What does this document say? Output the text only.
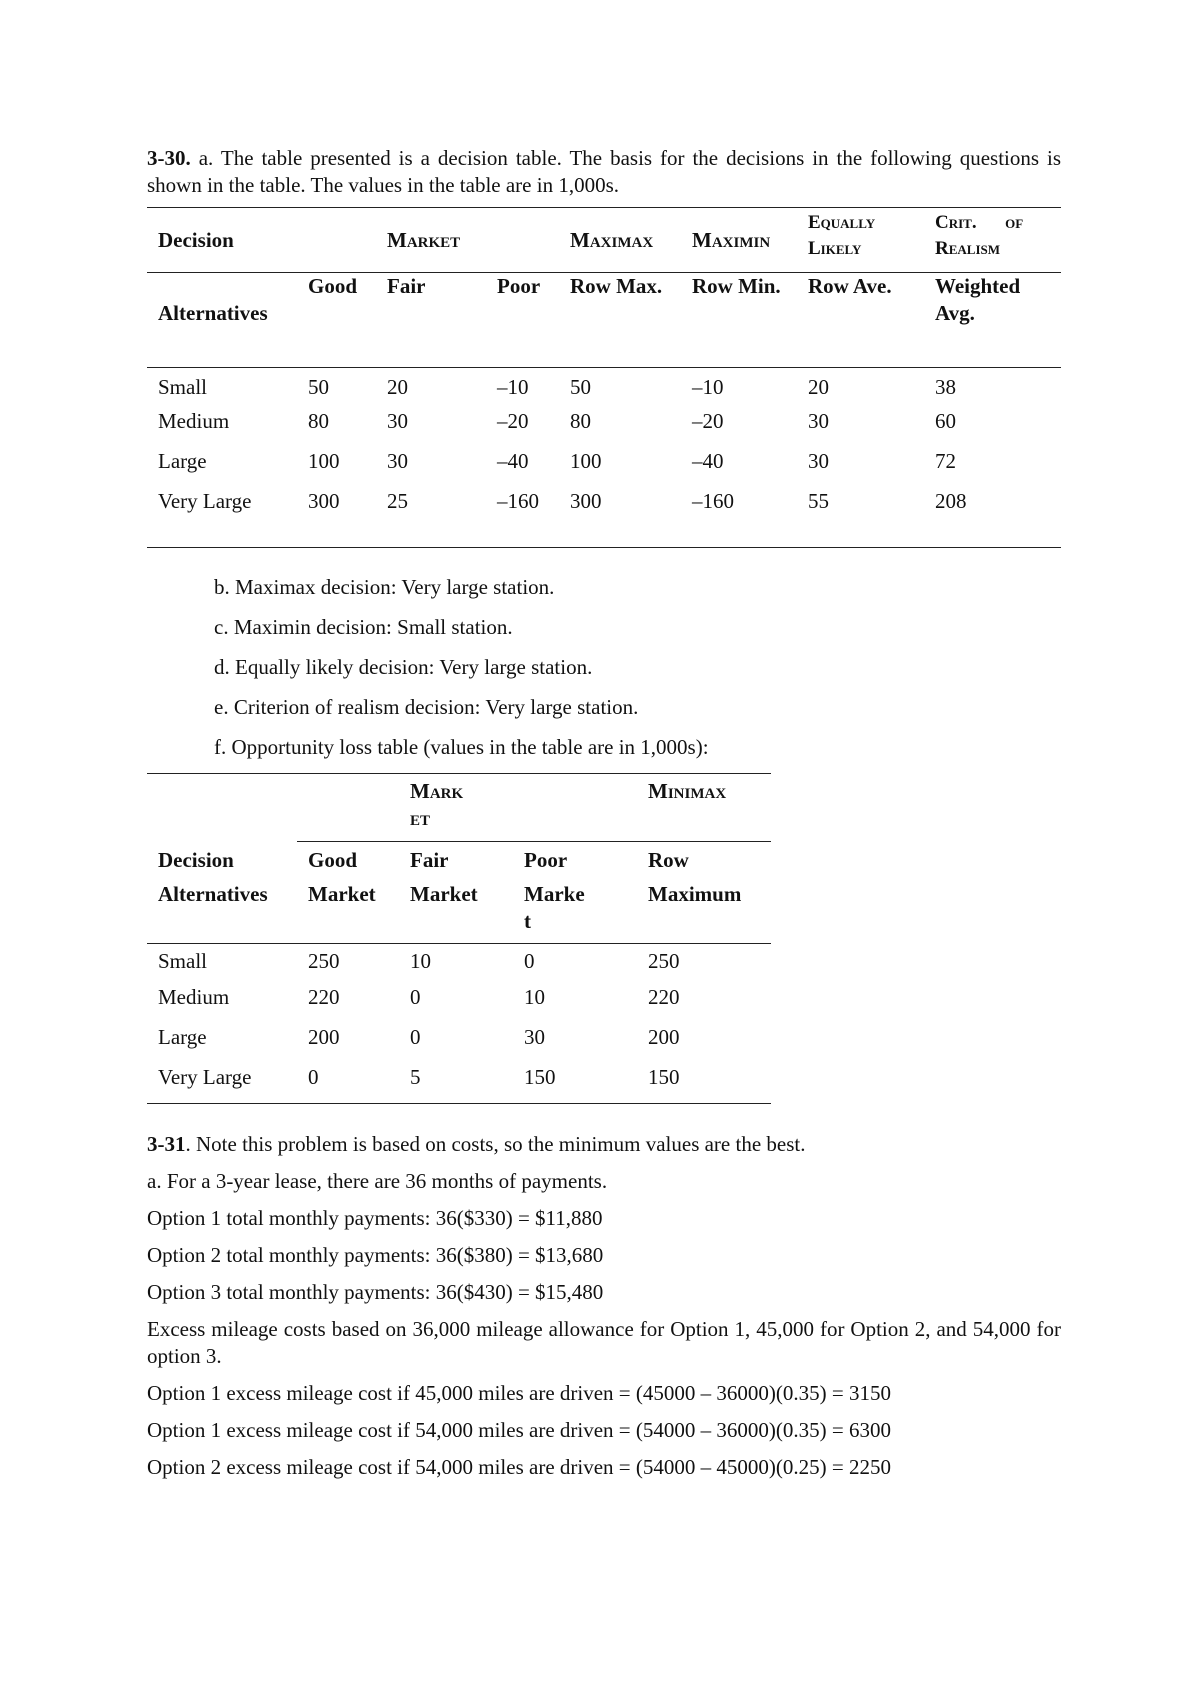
3-30. a. The table presented is a decision table. The basis for the decisions in the following questions is shown in the table. The values in the table are in 1,000s.

Decision		Market		Maximax	Maximin	Equally Likely	Crit.      of Realism
Alternatives	Good	Fair	Poor	Row Max.	Row Min.	Row Ave.	Weighted Avg.
Small	50	20	–10	50	–10	20	38
Medium	80	30	–20	80	–20	30	60
Large	100	30	–40	100	–40	30	72
Very Large	300	25	–160	300	–160	55	208

b. Maximax decision: Very large station.

c. Maximin decision: Small station.

d. Equally likely decision: Very large station.

e. Criterion of realism decision: Very large station.

f. Opportunity loss table (values in the table are in 1,000s):

		Market		Minimax
Decision	Good	Fair	Poor	Row
Alternatives	Market	Market	Market	Maximum
Small	250	10	0	250
Medium	220	0	10	220
Large	200	0	30	200
Very Large	0	5	150	150

3-31. Note this problem is based on costs, so the minimum values are the best.

a. For a 3-year lease, there are 36 months of payments.

Option 1 total monthly payments: 36($330) = $11,880

Option 2 total monthly payments: 36($380) = $13,680

Option 3 total monthly payments: 36($430) = $15,480

Excess mileage costs based on 36,000 mileage allowance for Option 1, 45,000 for Option 2, and 54,000 for option 3.

Option 1 excess mileage cost if 45,000 miles are driven = (45000 – 36000)(0.35) = 3150

Option 1 excess mileage cost if 54,000 miles are driven = (54000 – 36000)(0.35) = 6300

Option 2 excess mileage cost if 54,000 miles are driven = (54000 – 45000)(0.25) = 2250
